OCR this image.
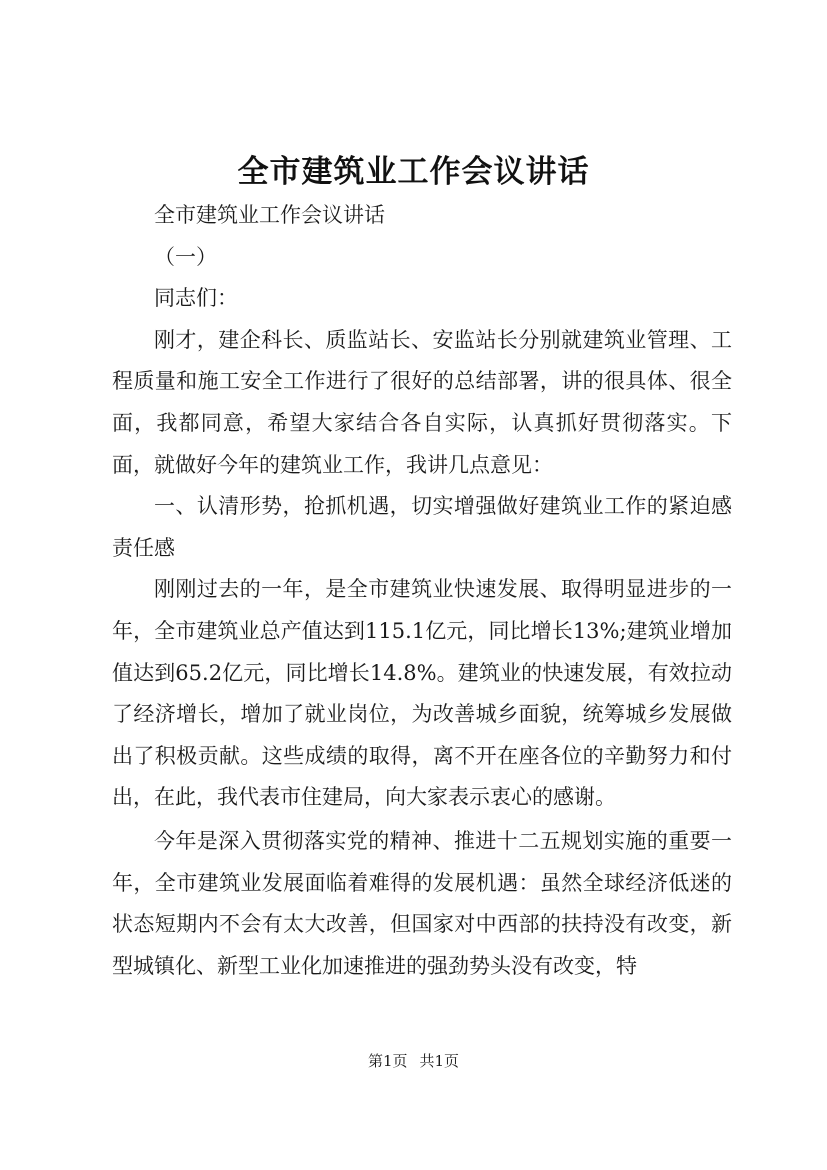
全市建筑业工作会议讲话

全市建筑业工作会议讲话

（一）

同志们：

刚才，建企科长、质监站长、安监站长分别就建筑业管理、工程质量和施工安全工作进行了很好的总结部署，讲的很具体、很全面，我都同意，希望大家结合各自实际，认真抓好贯彻落实。下面，就做好今年的建筑业工作，我讲几点意见：

一、认清形势，抢抓机遇，切实增强做好建筑业工作的紧迫感责任感

刚刚过去的一年，是全市建筑业快速发展、取得明显进步的一年，全市建筑业总产值达到115.1亿元，同比增长13%;建筑业增加值达到65.2亿元，同比增长14.8%。建筑业的快速发展，有效拉动了经济增长，增加了就业岗位，为改善城乡面貌，统筹城乡发展做出了积极贡献。这些成绩的取得，离不开在座各位的辛勤努力和付出，在此，我代表市住建局，向大家表示衷心的感谢。

今年是深入贯彻落实党的精神、推进十二五规划实施的重要一年，全市建筑业发展面临着难得的发展机遇：虽然全球经济低迷的状态短期内不会有太大改善，但国家对中西部的扶持没有改变，新型城镇化、新型工业化加速推进的强劲势头没有改变，特

第1页 共1页
